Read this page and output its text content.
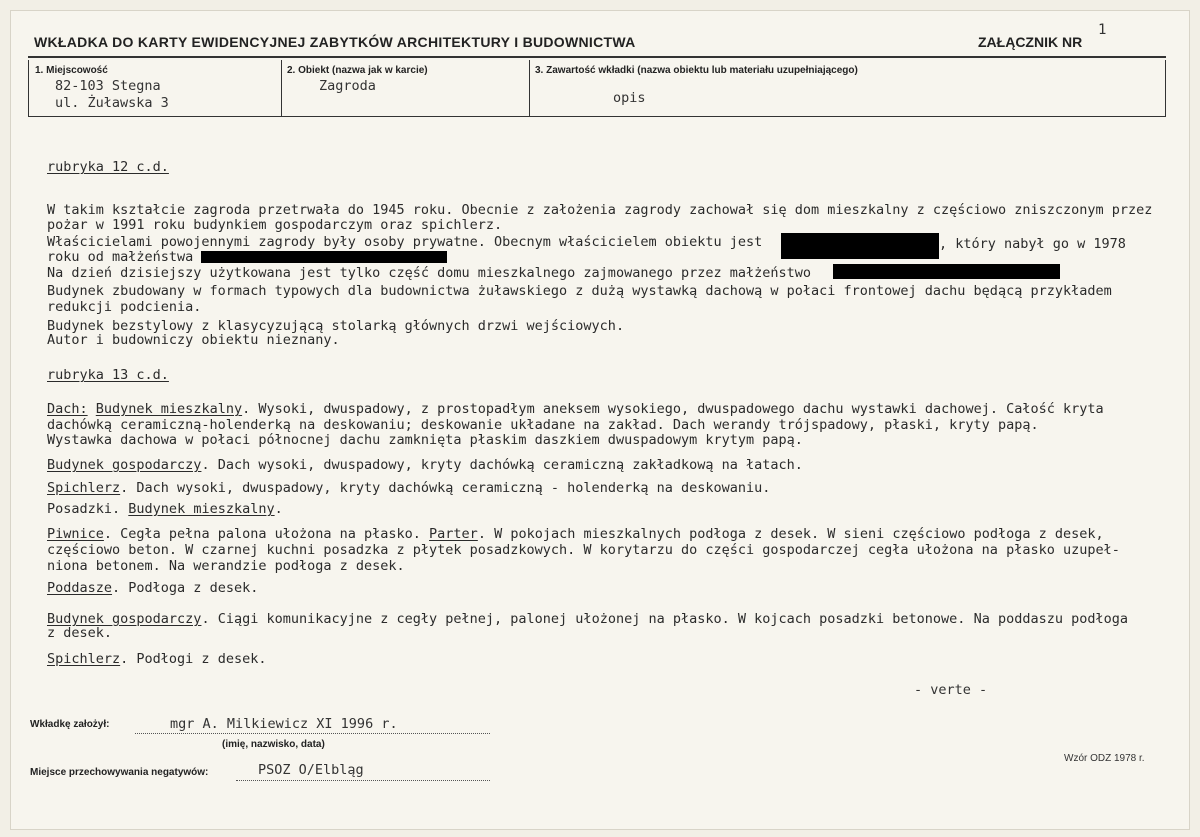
WKŁADKA DO KARTY EWIDENCYJNEJ ZABYTKÓW ARCHITEKTURY I BUDOWNICTWA	ZAŁĄCZNIK NR
1
1. Miejscowość
82-103 Stegna
ul. Żuławska 3
2. Obiekt (nazwa jak w karcie)
Zagroda
3. Zawartość wkładki (nazwa obiektu lub materiału uzupełniającego)
opis
rubryka 12 c.d.
W takim kształcie zagroda przetrwała do 1945 roku. Obecnie z założenia zagrody zachował się dom mieszkalny z częściowo zniszczonym przez
pożar w 1991 roku budynkiem gospodarczym oraz spichlerz.
Właścicielami powojennymi zagrody były osoby prywatne. Obecnym właścicielem obiektu jest	, który nabył go w 1978
roku od małżeństwa
Na dzień dzisiejszy użytkowana jest tylko część domu mieszkalnego zajmowanego przez małżeństwo
Budynek zbudowany w formach typowych dla budownictwa żuławskiego z dużą wystawką dachową w połaci frontowej dachu będącą przykładem
redukcji podcienia.
Budynek bezstylowy z klasycyzującą stolarką głównych drzwi wejściowych.
Autor i budowniczy obiektu nieznany.
rubryka 13 c.d.
Dach: Budynek mieszkalny. Wysoki, dwuspadowy, z prostopadłym aneksem wysokiego, dwuspadowego dachu wystawki dachowej. Całość kryta
dachówką ceramiczną-holenderką na deskowaniu; deskowanie układane na zakład. Dach werandy trójspadowy, płaski, kryty papą.
Wystawka dachowa w połaci północnej dachu zamknięta płaskim daszkiem dwuspadowym krytym papą.
Budynek gospodarczy. Dach wysoki, dwuspadowy, kryty dachówką ceramiczną zakładkową na łatach.
Spichlerz. Dach wysoki, dwuspadowy, kryty dachówką ceramiczną - holenderką na deskowaniu.
Posadzki. Budynek mieszkalny.
Piwnice. Cegła pełna palona ułożona na płasko. Parter. W pokojach mieszkalnych podłoga z desek. W sieni częściowo podłoga z desek,
częściowo beton. W czarnej kuchni posadzka z płytek posadzkowych. W korytarzu do części gospodarczej cegła ułożona na płasko uzupeł-
niona betonem. Na werandzie podłoga z desek.
Poddasze. Podłoga z desek.
Budynek gospodarczy. Ciągi komunikacyjne z cegły pełnej, palonej ułożonej na płasko. W kojcach posadzki betonowe. Na poddaszu podłoga
z desek.
Spichlerz. Podłogi z desek.
- verte -
Wkładkę założył:	mgr A. Milkiewicz XI 1996 r.
(imię, nazwisko, data)
Miejsce przechowywania negatywów:	PSOZ O/Elbląg
Wzór ODZ 1978 r.
